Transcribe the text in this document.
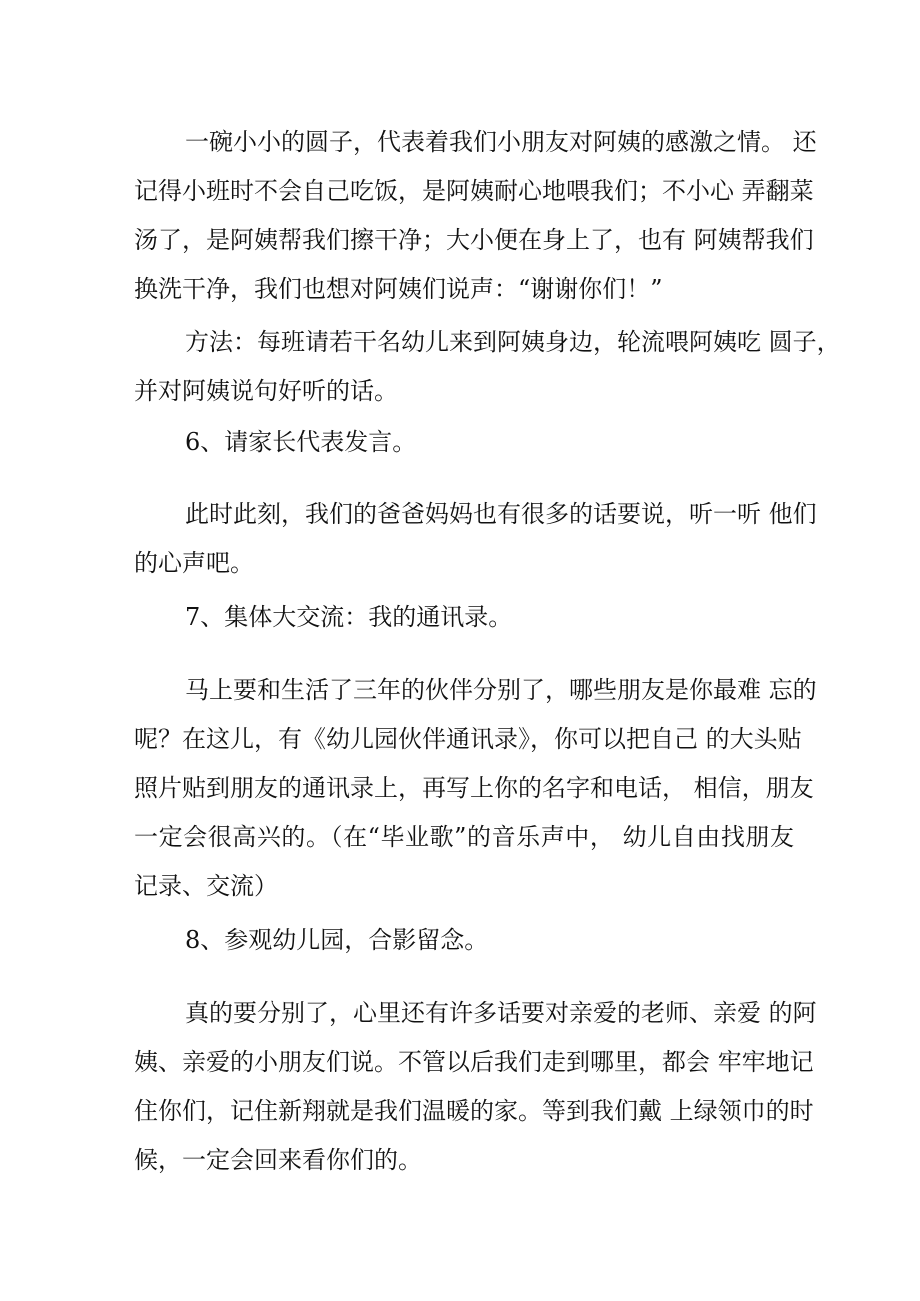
一碗小小的圆子，代表着我们小朋友对阿姨的感激之情。 还
记得小班时不会自己吃饭，是阿姨耐心地喂我们；不小心 弄翻菜
汤了，是阿姨帮我们擦干净；大小便在身上了，也有 阿姨帮我们
换洗干净，我们也想对阿姨们说声：“谢谢你们！”
方法：每班请若干名幼儿来到阿姨身边，轮流喂阿姨吃 圆子，
并对阿姨说句好听的话。
6、请家长代表发言。
此时此刻，我们的爸爸妈妈也有很多的话要说，听一听 他们
的心声吧。
7、集体大交流：我的通讯录。
马上要和生活了三年的伙伴分别了，哪些朋友是你最难 忘的
呢？在这儿，有《幼儿园伙伴通讯录》，你可以把自己 的大头贴
照片贴到朋友的通讯录上，再写上你的名字和电话， 相信，朋友
一定会很高兴的。（在“毕业歌”的音乐声中， 幼儿自由找朋友
记录、交流）
8、参观幼儿园，合影留念。
真的要分别了，心里还有许多话要对亲爱的老师、亲爱 的阿
姨、亲爱的小朋友们说。不管以后我们走到哪里，都会 牢牢地记
住你们，记住新翔就是我们温暖的家。等到我们戴 上绿领巾的时
候，一定会回来看你们的。
